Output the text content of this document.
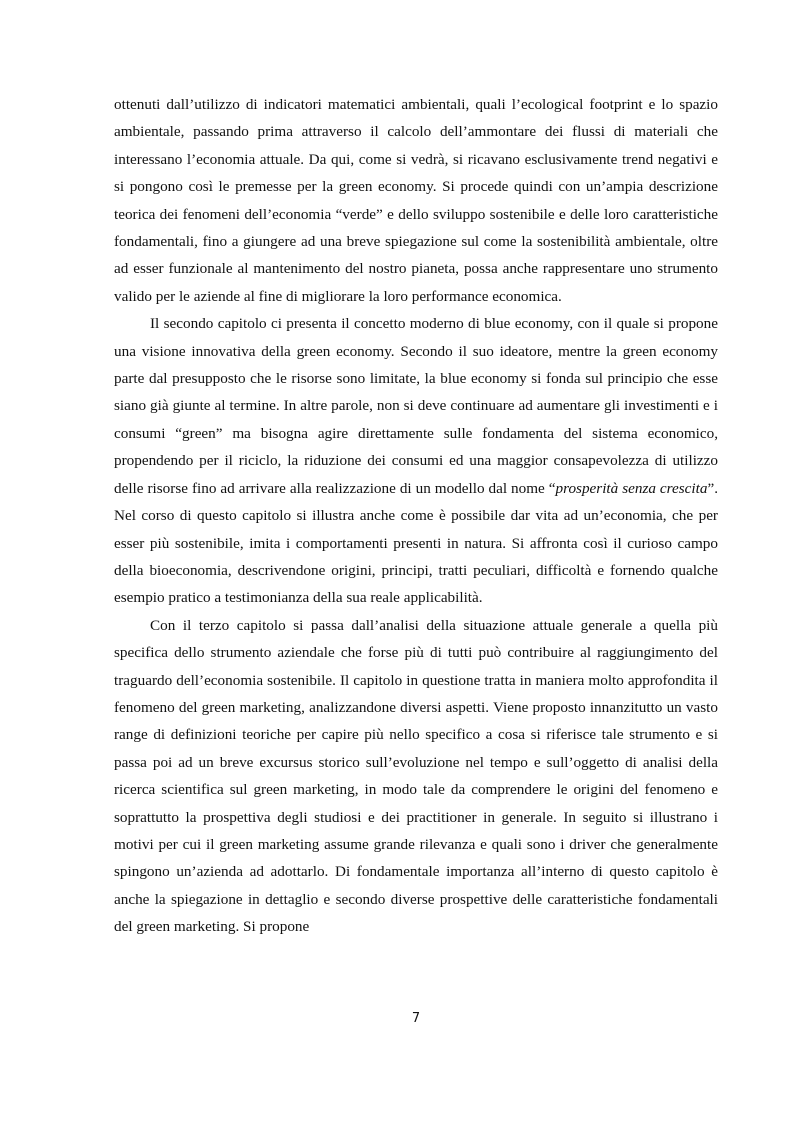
ottenuti dall’utilizzo di indicatori matematici ambientali, quali l’ecological footprint e lo spazio ambientale, passando prima attraverso il calcolo dell’ammontare dei flussi di materiali che interessano l’economia attuale. Da qui, come si vedrà, si ricavano esclusivamente trend negativi e si pongono così le premesse per la green economy. Si procede quindi con un’ampia descrizione teorica dei fenomeni dell’economia “verde” e dello sviluppo sostenibile e delle loro caratteristiche fondamentali, fino a giungere ad una breve spiegazione sul come la sostenibilità ambientale, oltre ad esser funzionale al mantenimento del nostro pianeta, possa anche rappresentare uno strumento valido per le aziende al fine di migliorare la loro performance economica.

Il secondo capitolo ci presenta il concetto moderno di blue economy, con il quale si propone una visione innovativa della green economy. Secondo il suo ideatore, mentre la green economy parte dal presupposto che le risorse sono limitate, la blue economy si fonda sul principio che esse siano già giunte al termine. In altre parole, non si deve continuare ad aumentare gli investimenti e i consumi “green” ma bisogna agire direttamente sulle fondamenta del sistema economico, propendendo per il riciclo, la riduzione dei consumi ed una maggior consapevolezza di utilizzo delle risorse fino ad arrivare alla realizzazione di un modello dal nome “prosperità senza crescita”. Nel corso di questo capitolo si illustra anche come è possibile dar vita ad un’economia, che per esser più sostenibile, imita i comportamenti presenti in natura. Si affronta così il curioso campo della bioeconomia, descrivendone origini, principi, tratti peculiari, difficoltà e fornendo qualche esempio pratico a testimonianza della sua reale applicabilità.

Con il terzo capitolo si passa dall’analisi della situazione attuale generale a quella più specifica dello strumento aziendale che forse più di tutti può contribuire al raggiungimento del traguardo dell’economia sostenibile. Il capitolo in questione tratta in maniera molto approfondita il fenomeno del green marketing, analizzandone diversi aspetti. Viene proposto innanzitutto un vasto range di definizioni teoriche per capire più nello specifico a cosa si riferisce tale strumento e si passa poi ad un breve excursus storico sull’evoluzione nel tempo e sull’oggetto di analisi della ricerca scientifica sul green marketing, in modo tale da comprendere le origini del fenomeno e soprattutto la prospettiva degli studiosi e dei practitioner in generale. In seguito si illustrano i motivi per cui il green marketing assume grande rilevanza e quali sono i driver che generalmente spingono un’azienda ad adottarlo. Di fondamentale importanza all’interno di questo capitolo è anche la spiegazione in dettaglio e secondo diverse prospettive delle caratteristiche fondamentali del green marketing. Si propone

7
